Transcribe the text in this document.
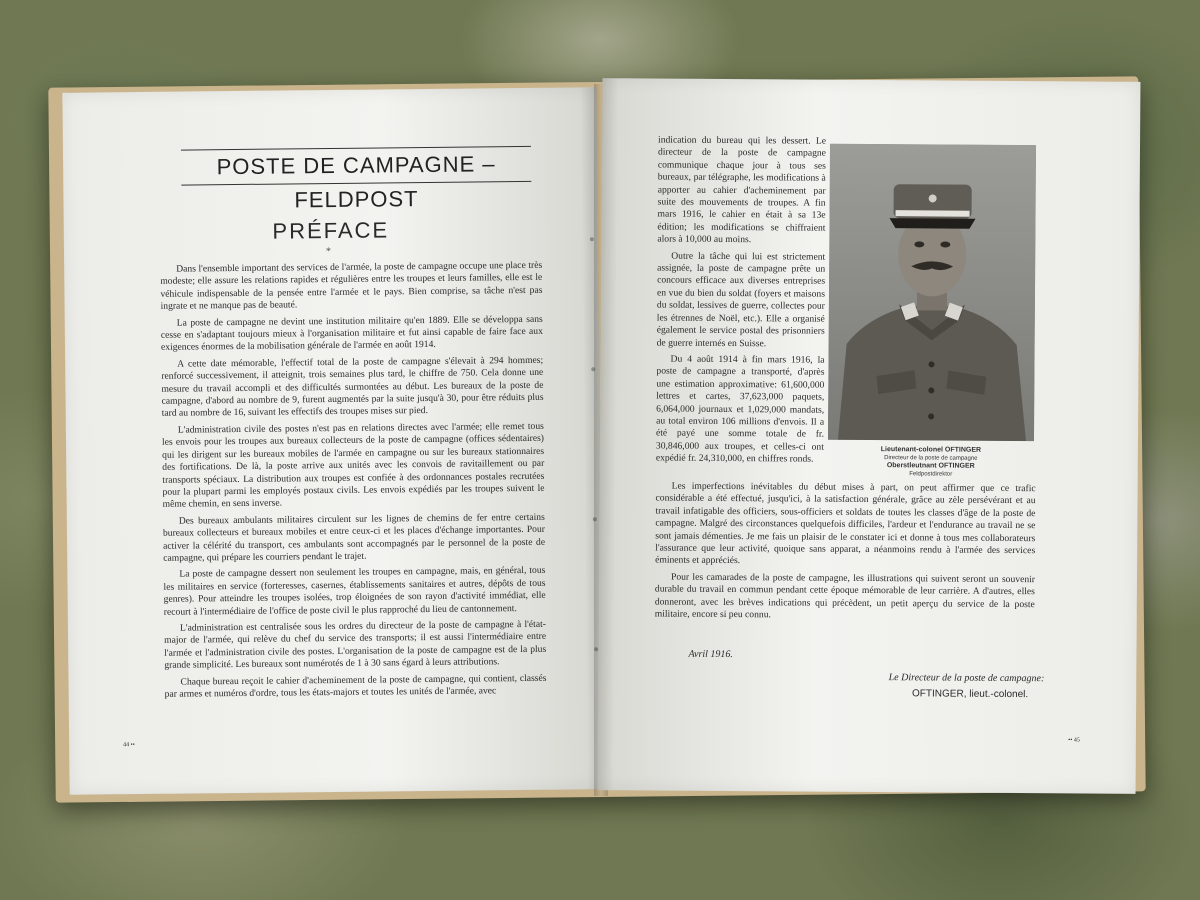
POSTE DE CAMPAGNE – FELDPOST
PRÉFACE
*

Dans l'ensemble important des services de l'armée, la poste de campagne occupe une place très modeste; elle assure les relations rapides et régulières entre les troupes et leurs familles, elle est le véhicule indispensable de la pensée entre l'armée et le pays. Bien comprise, sa tâche n'est pas ingrate et ne manque pas de beauté.

La poste de campagne ne devint une institution militaire qu'en 1889. Elle se développa sans cesse en s'adaptant toujours mieux à l'organisation militaire et fut ainsi capable de faire face aux exigences énormes de la mobilisation générale de l'armée en août 1914.

A cette date mémorable, l'effectif total de la poste de campagne s'élevait à 294 hommes; renforcé successivement, il atteignit, trois semaines plus tard, le chiffre de 750. Cela donne une mesure du travail accompli et des difficultés surmontées au début. Les bureaux de la poste de campagne, d'abord au nombre de 9, furent augmentés par la suite jusqu'à 30, pour être réduits plus tard au nombre de 16, suivant les effectifs des troupes mises sur pied.

L'administration civile des postes n'est pas en relations directes avec l'armée; elle remet tous les envois pour les troupes aux bureaux collecteurs de la poste de campagne (offices sédentaires) qui les dirigent sur les bureaux mobiles de l'armée en campagne ou sur les bureaux stationnaires des fortifications. De là, la poste arrive aux unités avec les convois de ravitaillement ou par transports spéciaux. La distribution aux troupes est confiée à des ordonnances postales recrutées pour la plupart parmi les employés postaux civils. Les envois expédiés par les troupes suivent le même chemin, en sens inverse.

Des bureaux ambulants militaires circulent sur les lignes de chemins de fer entre certains bureaux collecteurs et bureaux mobiles et entre ceux-ci et les places d'échange importantes. Pour activer la célérité du transport, ces ambulants sont accompagnés par le personnel de la poste de campagne, qui prépare les courriers pendant le trajet.

La poste de campagne dessert non seulement les troupes en campagne, mais, en général, tous les militaires en service (forteresses, casernes, établissements sanitaires et autres, dépôts de tous genres). Pour atteindre les troupes isolées, trop éloignées de son rayon d'activité immédiat, elle recourt à l'intermédiaire de l'office de poste civil le plus rapproché du lieu de cantonnement.

L'administration est centralisée sous les ordres du directeur de la poste de campagne à l'état-major de l'armée, qui relève du chef du service des transports; il est aussi l'intermédiaire entre l'armée et l'administration civile des postes. L'organisation de la poste de campagne est de la plus grande simplicité. Les bureaux sont numérotés de 1 à 30 sans égard à leurs attributions.

Chaque bureau reçoit le cahier d'acheminement de la poste de campagne, qui contient, classés par armes et numéros d'ordre, tous les états-majors et toutes les unités de l'armée, avec

44 ••

indication du bureau qui les dessert. Le directeur de la poste de campagne communique chaque jour à tous ses bureaux, par télégraphe, les modifications à apporter au cahier d'acheminement par suite des mouvements de troupes. A fin mars 1916, le cahier en était à sa 13e édition; les modifications se chiffraient alors à 10,000 au moins.

Outre la tâche qui lui est strictement assignée, la poste de campagne prête un concours efficace aux diverses entreprises en vue du bien du soldat (foyers et maisons du soldat, lessives de guerre, collectes pour les étrennes de Noël, etc.). Elle a organisé également le service postal des prisonniers de guerre internés en Suisse.

Du 4 août 1914 à fin mars 1916, la poste de campagne a transporté, d'après une estimation approximative: 61,600,000 lettres et cartes, 37,623,000 paquets, 6,064,000 journaux et 1,029,000 mandats, au total environ 106 millions d'envois. Il a été payé une somme totale de fr. 30,846,000 aux troupes, et celles-ci ont expédié fr. 24,310,000, en chiffres ronds.

Lieutenant-colonel OFTINGER
Directeur de la poste de campagne
Oberstleutnant OFTINGER
Feldpostdirektor

Les imperfections inévitables du début mises à part, on peut affirmer que ce trafic considérable a été effectué, jusqu'ici, à la satisfaction générale, grâce au zèle persévérant et au travail infatigable des officiers, sous-officiers et soldats de toutes les classes d'âge de la poste de campagne. Malgré des circonstances quelquefois difficiles, l'ardeur et l'endurance au travail ne se sont jamais démenties. Je me fais un plaisir de le constater ici et donne à tous mes collaborateurs l'assurance que leur activité, quoique sans apparat, a néanmoins rendu à l'armée des services éminents et appréciés.

Pour les camarades de la poste de campagne, les illustrations qui suivent seront un souvenir durable du travail en commun pendant cette époque mémorable de leur carrière. A d'autres, elles donneront, avec les brèves indications qui précèdent, un petit aperçu du service de la poste militaire, encore si peu connu.

Avril 1916.
Le Directeur de la poste de campagne:
OFTINGER, lieut.-colonel.
•• 45
